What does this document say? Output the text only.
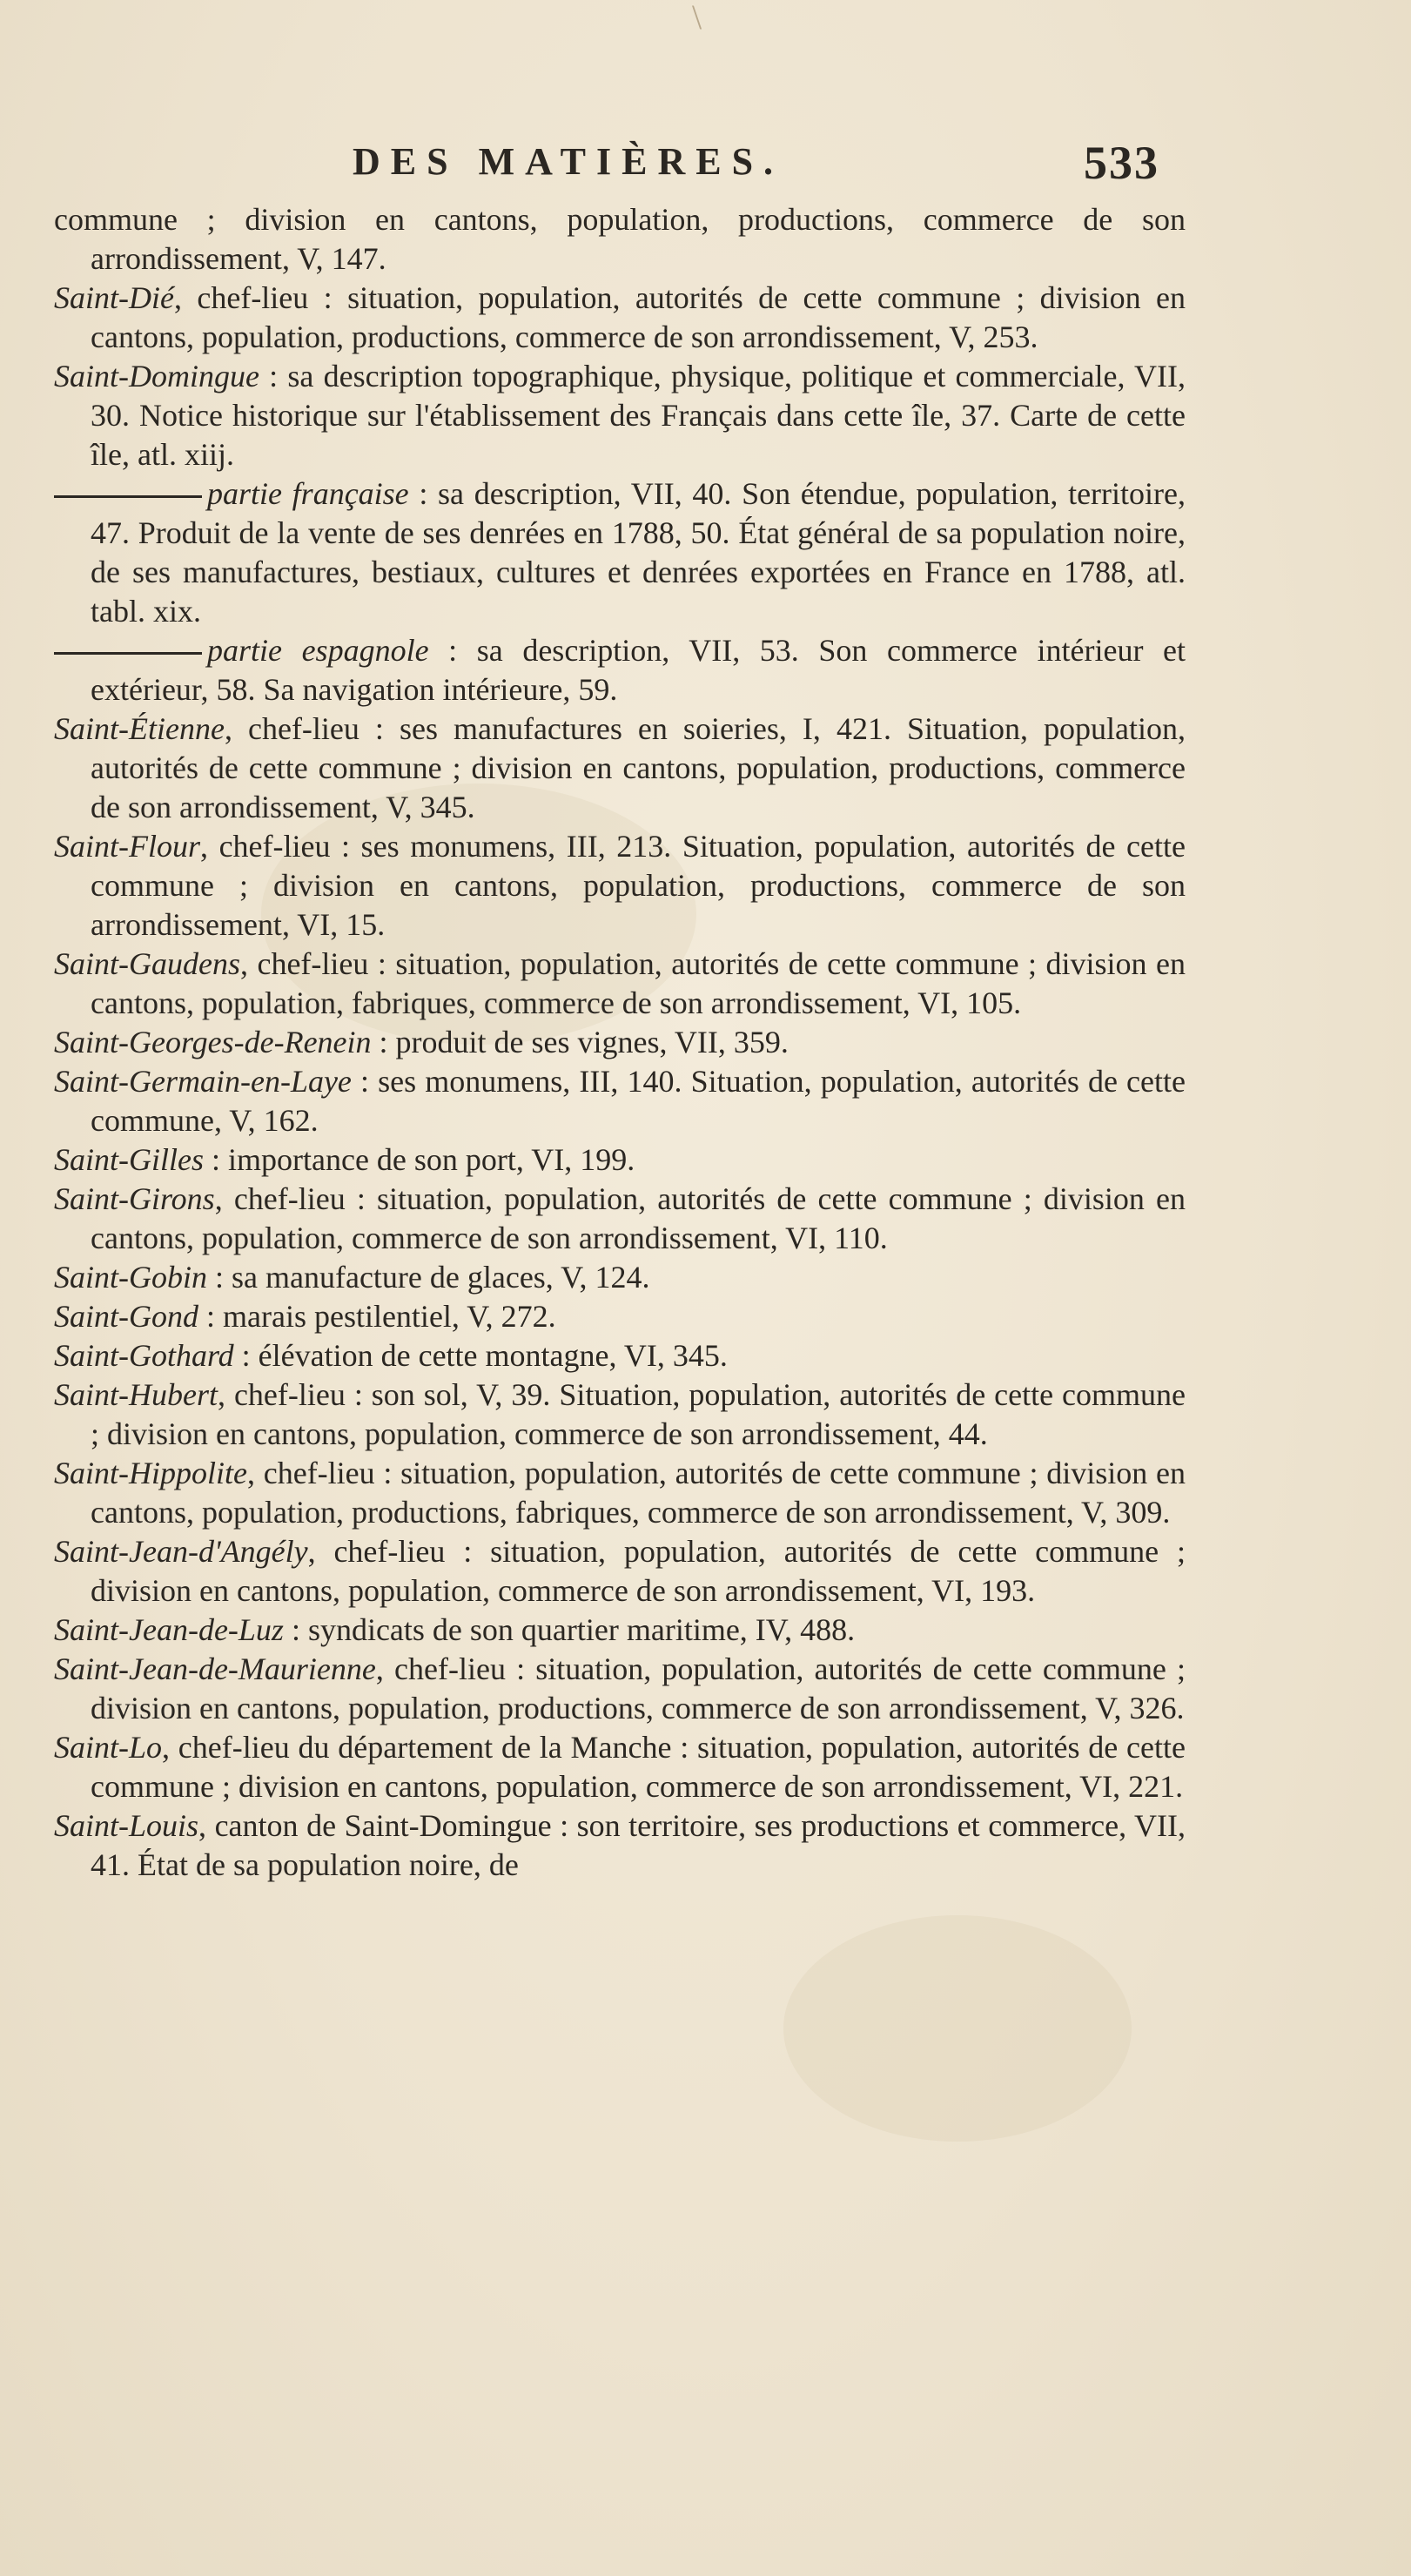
\
DES MATIÈRES.	533

commune ; division en cantons, population, productions, commerce de son arrondissement, V, 147.

Saint-Dié, chef-lieu : situation, population, autorités de cette commune ; division en cantons, population, productions, commerce de son arrondissement, V, 253.

Saint-Domingue : sa description topographique, physique, politique et commerciale, VII, 30. Notice historique sur l'établissement des Français dans cette île, 37. Carte de cette île, atl. xiij.

partie française : sa description, VII, 40. Son étendue, population, territoire, 47. Produit de la vente de ses denrées en 1788, 50. État général de sa population noire, de ses manufactures, bestiaux, cultures et denrées exportées en France en 1788, atl. tabl. xix.

partie espagnole : sa description, VII, 53. Son commerce intérieur et extérieur, 58. Sa navigation intérieure, 59.

Saint-Étienne, chef-lieu : ses manufactures en soieries, I, 421. Situation, population, autorités de cette commune ; division en cantons, population, productions, commerce de son arrondissement, V, 345.

Saint-Flour, chef-lieu : ses monumens, III, 213. Situation, population, autorités de cette commune ; division en cantons, population, productions, commerce de son arrondissement, VI, 15.

Saint-Gaudens, chef-lieu : situation, population, autorités de cette commune ; division en cantons, population, fabriques, commerce de son arrondissement, VI, 105.

Saint-Georges-de-Renein : produit de ses vignes, VII, 359.

Saint-Germain-en-Laye : ses monumens, III, 140. Situation, population, autorités de cette commune, V, 162.

Saint-Gilles : importance de son port, VI, 199.

Saint-Girons, chef-lieu : situation, population, autorités de cette commune ; division en cantons, population, commerce de son arrondissement, VI, 110.

Saint-Gobin : sa manufacture de glaces, V, 124.

Saint-Gond : marais pestilentiel, V, 272.

Saint-Gothard : élévation de cette montagne, VI, 345.

Saint-Hubert, chef-lieu : son sol, V, 39. Situation, population, autorités de cette commune ; division en cantons, population, commerce de son arrondissement, 44.

Saint-Hippolite, chef-lieu : situation, population, autorités de cette commune ; division en cantons, population, productions, fabriques, commerce de son arrondissement, V, 309.

Saint-Jean-d'Angély, chef-lieu : situation, population, autorités de cette commune ; division en cantons, population, commerce de son arrondissement, VI, 193.

Saint-Jean-de-Luz : syndicats de son quartier maritime, IV, 488.

Saint-Jean-de-Maurienne, chef-lieu : situation, population, autorités de cette commune ; division en cantons, population, productions, commerce de son arrondissement, V, 326.

Saint-Lo, chef-lieu du département de la Manche : situation, population, autorités de cette commune ; division en cantons, population, commerce de son arrondissement, VI, 221.

Saint-Louis, canton de Saint-Domingue : son territoire, ses productions et commerce, VII, 41. État de sa population noire, de
